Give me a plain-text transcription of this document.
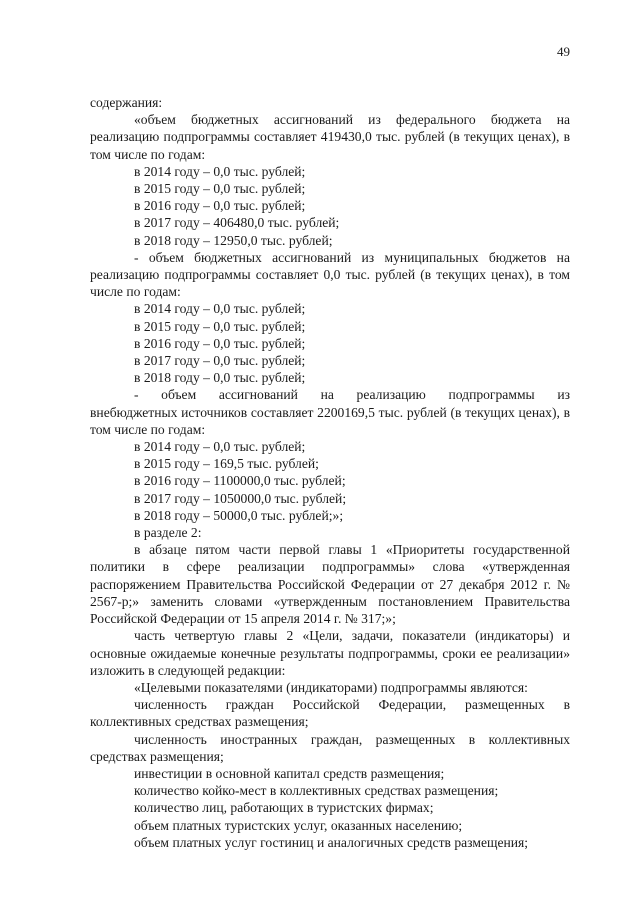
49

содержания:

«объем бюджетных ассигнований из федерального бюджета на реализацию подпрограммы составляет 419430,0 тыс. рублей (в текущих ценах), в том числе по годам:

в 2014 году – 0,0 тыс. рублей;

в 2015 году – 0,0 тыс. рублей;

в 2016 году – 0,0 тыс. рублей;

в 2017 году – 406480,0 тыс. рублей;

в 2018 году – 12950,0 тыс. рублей;

- объем бюджетных ассигнований из муниципальных бюджетов на реализацию подпрограммы составляет 0,0 тыс. рублей (в текущих ценах), в том числе по годам:

в 2014 году – 0,0 тыс. рублей;

в 2015 году – 0,0 тыс. рублей;

в 2016 году – 0,0 тыс. рублей;

в 2017 году – 0,0 тыс. рублей;

в 2018 году – 0,0 тыс. рублей;

- объем ассигнований на реализацию подпрограммы из

внебюджетных источников составляет 2200169,5 тыс. рублей (в текущих ценах), в том числе по годам:

в 2014 году – 0,0 тыс. рублей;

в 2015 году – 169,5 тыс. рублей;

в 2016 году – 1100000,0 тыс. рублей;

в 2017 году – 1050000,0 тыс. рублей;

в 2018 году – 50000,0 тыс. рублей;»;

в разделе 2:

в абзаце пятом части первой главы 1 «Приоритеты государственной политики в сфере реализации подпрограммы» слова «утвержденная распоряжением Правительства Российской Федерации от 27 декабря 2012 г. № 2567-р;» заменить словами «утвержденным постановлением Правительства Российской Федерации от 15 апреля 2014 г. № 317;»;

часть четвертую главы 2 «Цели, задачи, показатели (индикаторы) и основные ожидаемые конечные результаты подпрограммы, сроки ее реализации» изложить в следующей редакции:

«Целевыми показателями (индикаторами) подпрограммы являются:

численность граждан Российской Федерации, размещенных в коллективных средствах размещения;

численность иностранных граждан, размещенных в коллективных средствах размещения;

инвестиции в основной капитал средств размещения;

количество койко-мест в коллективных средствах размещения;

количество лиц, работающих в туристских фирмах;

объем платных туристских услуг, оказанных населению;

объем платных услуг гостиниц и аналогичных средств размещения;
